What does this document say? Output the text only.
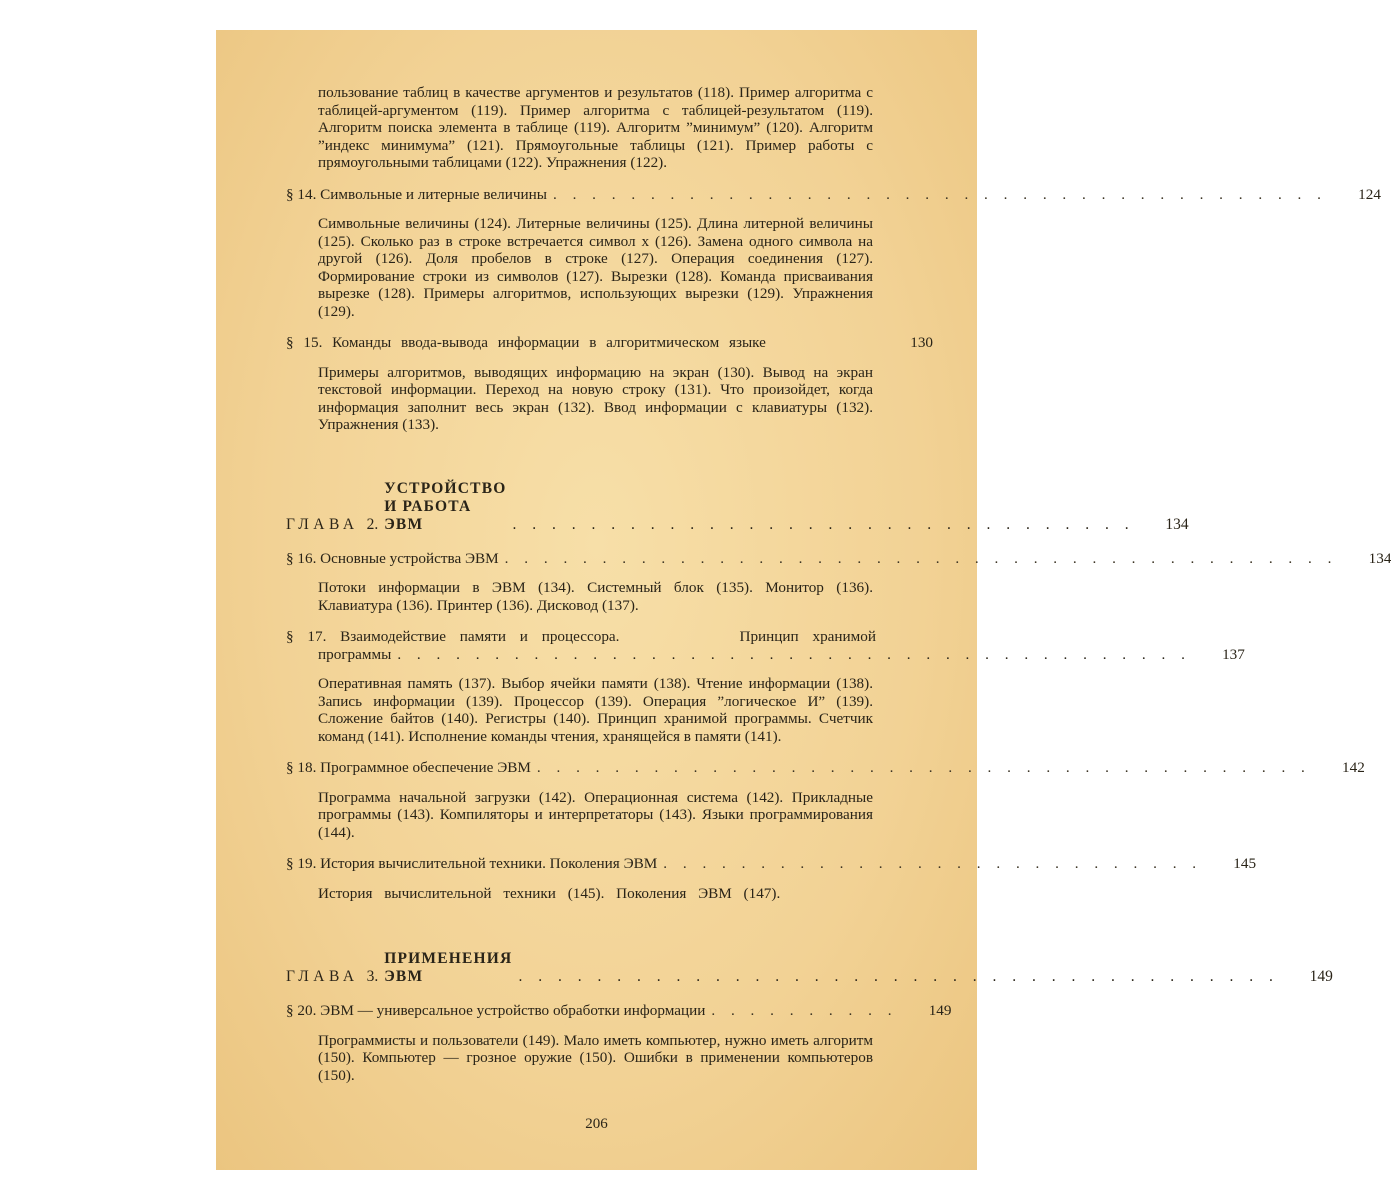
пользование таблиц в качестве аргументов и результатов (118). Пример алгоритма с таблицей-аргументом (119). Пример алгоритма с таблицей-результатом (119). Алгоритм поиска элемента в таблице (119). Алгоритм ”минимум” (120). Алгоритм ”индекс минимума” (121). Прямоугольные таблицы (121). Пример работы с прямоугольными таблицами (122). Упражнения (122).

§ 14. Символьные и литерные величины . . . . . . . . . . . . . . . . . . . . . . . . . . . . . . . . . . . . . . . .	124

Символьные величины (124). Литерные величины (125). Длина литерной величины (125). Сколько раз в строке встречается символ х (126). Замена одного символа на другой (126). Доля пробелов в строке (127). Операция соединения (127). Формирование строки из символов (127). Вырезки (128). Команда присваивания вырезке (128). Примеры алгоритмов, использующих вырезки (129). Упражнения (129).

§ 15. Команды ввода-вывода информации в алгоритмическом языке	130

Примеры алгоритмов, выводящих информацию на экран (130). Вывод на экран текстовой информации. Переход на новую строку (131). Что произойдет, когда информация заполнит весь экран (132). Ввод информации с клавиатуры (132). Упражнения (133).

ГЛАВА 2.
УСТРОЙСТВО И РАБОТА ЭВМ	. . . . . . . . . . . . . . . . . . . . . . . . . . . . . . . .	134
§ 16. Основные устройства ЭВМ . . . . . . . . . . . . . . . . . . . . . . . . . . . . . . . . . . . . . . . . . . .	134

Потоки информации в ЭВМ (134). Системный блок (135). Монитор (136). Клавиатура (136). Принтер (136). Дисковод (137).

§ 17. Взаимодействие памяти и процессора.	Принцип хранимой
программы . . . . . . . . . . . . . . . . . . . . . . . . . . . . . . . . . . . . . . . . .	137

Оперативная память (137). Выбор ячейки памяти (138). Чтение информации (138). Запись информации (139). Процессор (139). Операция ”логическое И” (139). Сложение байтов (140). Регистры (140). Принцип хранимой программы. Счетчик команд (141). Исполнение команды чтения, хранящейся в памяти (141).

§ 18. Программное обеспечение ЭВМ . . . . . . . . . . . . . . . . . . . . . . . . . . . . . . . . . . . . . . . .	142

Программа начальной загрузки (142). Операционная система (142). Прикладные программы (143). Компиляторы и интерпретаторы (143). Языки программирования (144).

§ 19. История вычислительной техники. Поколения ЭВМ . . . . . . . . . . . . . . . . . . . . . . . . . . . .	145

История вычислительной техники (145). Поколения ЭВМ (147).

ГЛАВА 3.
ПРИМЕНЕНИЯ ЭВМ	. . . . . . . . . . . . . . . . . . . . . . . . . . . . . . . . . . . . . . .	149
§ 20. ЭВМ — универсальное устройство обработки информации . . . . . . . . . .	149

Программисты и пользователи (149). Мало иметь компьютер, нужно иметь алгоритм (150). Компьютер — грозное оружие (150). Ошибки в применении компьютеров (150).

206
